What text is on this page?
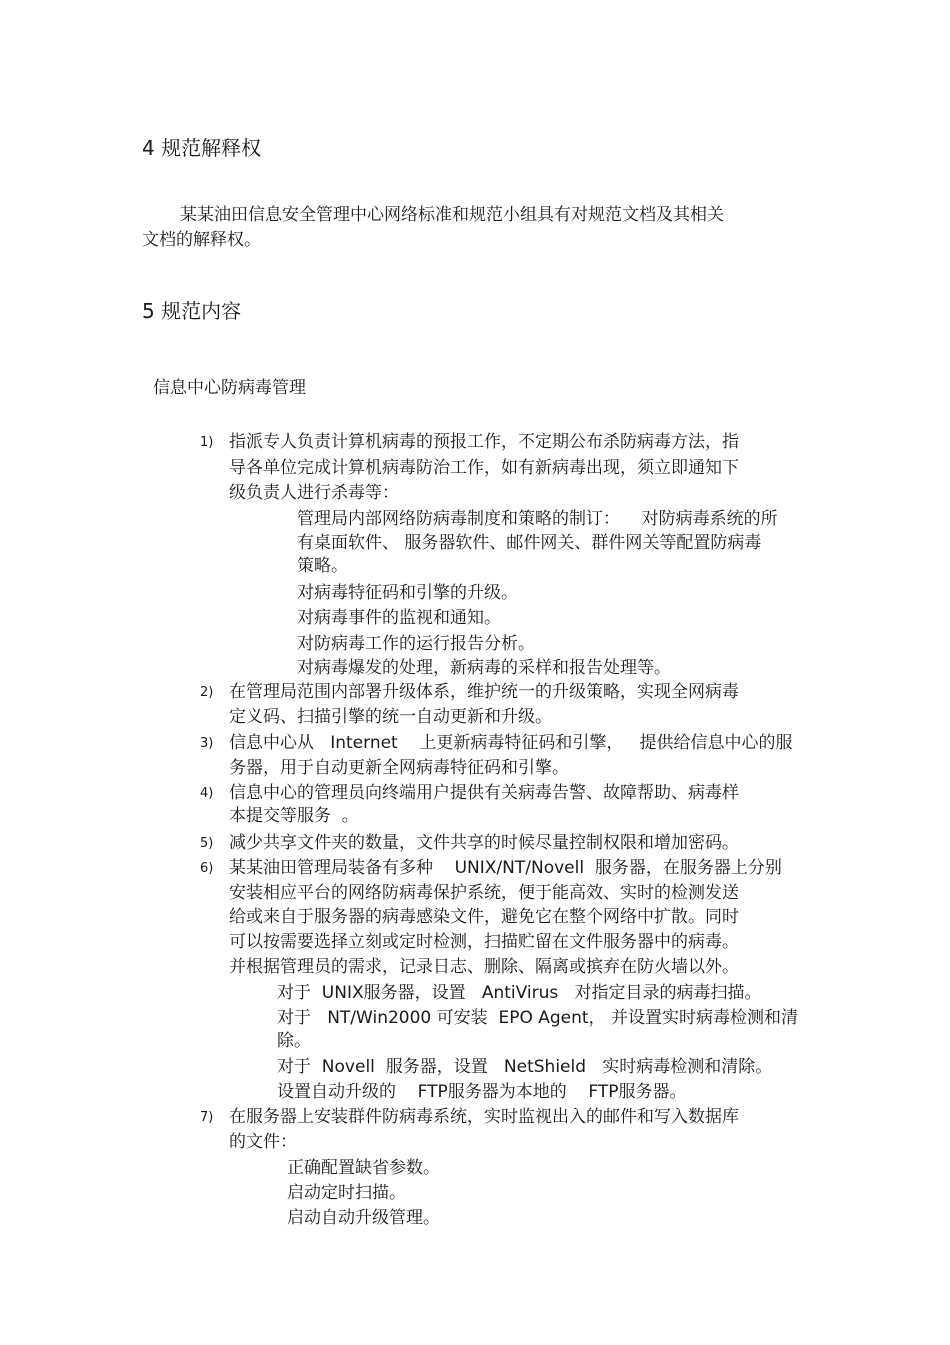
4 规范解释权
某某油田信息安全管理中心网络标准和规范小组具有对规范文档及其相关
文档的解释权。
5 规范内容
信息中心防病毒管理
1) 指派专人负责计算机病毒的预报工作，不定期公布杀防病毒方法，指
导各单位完成计算机病毒防治工作，如有新病毒出现，须立即通知下
级负责人进行杀毒等：
管理局内部网络防病毒制度和策略的制订：    对防病毒系统的所
有桌面软件、 服务器软件、邮件网关、群件网关等配置防病毒
策略。
对病毒特征码和引擎的升级。
对病毒事件的监视和通知。
对防病毒工作的运行报告分析。
对病毒爆发的处理，新病毒的采样和报告处理等。
2) 在管理局范围内部署升级体系，维护统一的升级策略，实现全网病毒
定义码、扫描引擎的统一自动更新和升级。
3) 信息中心从   Internet    上更新病毒特征码和引擎，   提供给信息中心的服
务器，用于自动更新全网病毒特征码和引擎。
4) 信息中心的管理员向终端用户提供有关病毒告警、故障帮助、病毒样
本提交等服务  。
5) 减少共享文件夹的数量，文件共享的时候尽量控制权限和增加密码。
6) 某某油田管理局装备有多种    UNIX/NT/Novell  服务器，在服务器上分别
安装相应平台的网络防病毒保护系统，便于能高效、实时的检测发送
给或来自于服务器的病毒感染文件，避免它在整个网络中扩散。同时
可以按需要选择立刻或定时检测，扫描贮留在文件服务器中的病毒。
并根据管理员的需求，记录日志、删除、隔离或摈弃在防火墙以外。
对于  UNIX服务器，设置   AntiVirus   对指定目录的病毒扫描。
对于   NT/Win2000 可安装  EPO Agent， 并设置实时病毒检测和清
除。
对于  Novell  服务器，设置   NetShield   实时病毒检测和清除。
设置自动升级的    FTP服务器为本地的    FTP服务器。
7) 在服务器上安装群件防病毒系统，实时监视出入的邮件和写入数据库
的文件：
正确配置缺省参数。
启动定时扫描。
启动自动升级管理。
